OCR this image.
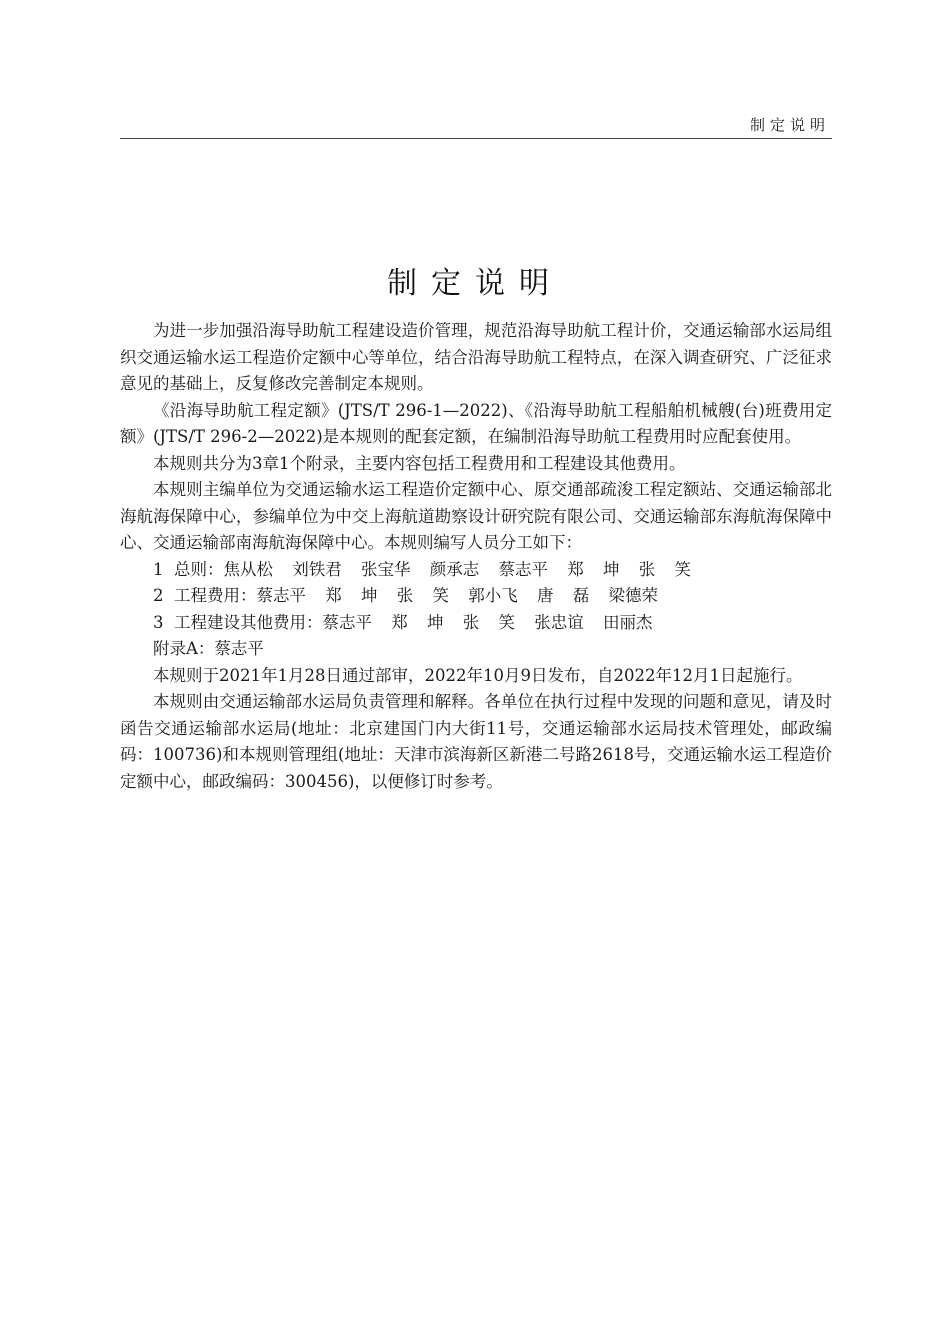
制定说明
制定说明

为进一步加强沿海导助航工程建设造价管理，规范沿海导助航工程计价，交通运输部水运局组织交通运输水运工程造价定额中心等单位，结合沿海导助航工程特点，在深入调查研究、广泛征求意见的基础上，反复修改完善制定本规则。

《沿海导助航工程定额》(JTS/T 296-1—2022)、《沿海导助航工程船舶机械艘(台)班费用定额》(JTS/T 296-2—2022)是本规则的配套定额，在编制沿海导助航工程费用时应配套使用。

本规则共分为3章1个附录，主要内容包括工程费用和工程建设其他费用。

本规则主编单位为交通运输水运工程造价定额中心、原交通部疏浚工程定额站、交通运输部北海航海保障中心，参编单位为中交上海航道勘察设计研究院有限公司、交通运输部东海航海保障中心、交通运输部南海航海保障中心。本规则编写人员分工如下：

1 总则：焦从松 刘铁君 张宝华 颜承志 蔡志平 郑 坤 张 笑
2 工程费用：蔡志平 郑 坤 张 笑 郭小飞 唐 磊 梁德荣
3 工程建设其他费用：蔡志平 郑 坤 张 笑 张忠谊 田丽杰
附录A：蔡志平

本规则于2021年1月28日通过部审，2022年10月9日发布，自2022年12月1日起施行。

本规则由交通运输部水运局负责管理和解释。各单位在执行过程中发现的问题和意见，请及时函告交通运输部水运局(地址：北京建国门内大街11号，交通运输部水运局技术管理处，邮政编码：100736)和本规则管理组(地址：天津市滨海新区新港二号路2618号，交通运输水运工程造价定额中心，邮政编码：300456)，以便修订时参考。
